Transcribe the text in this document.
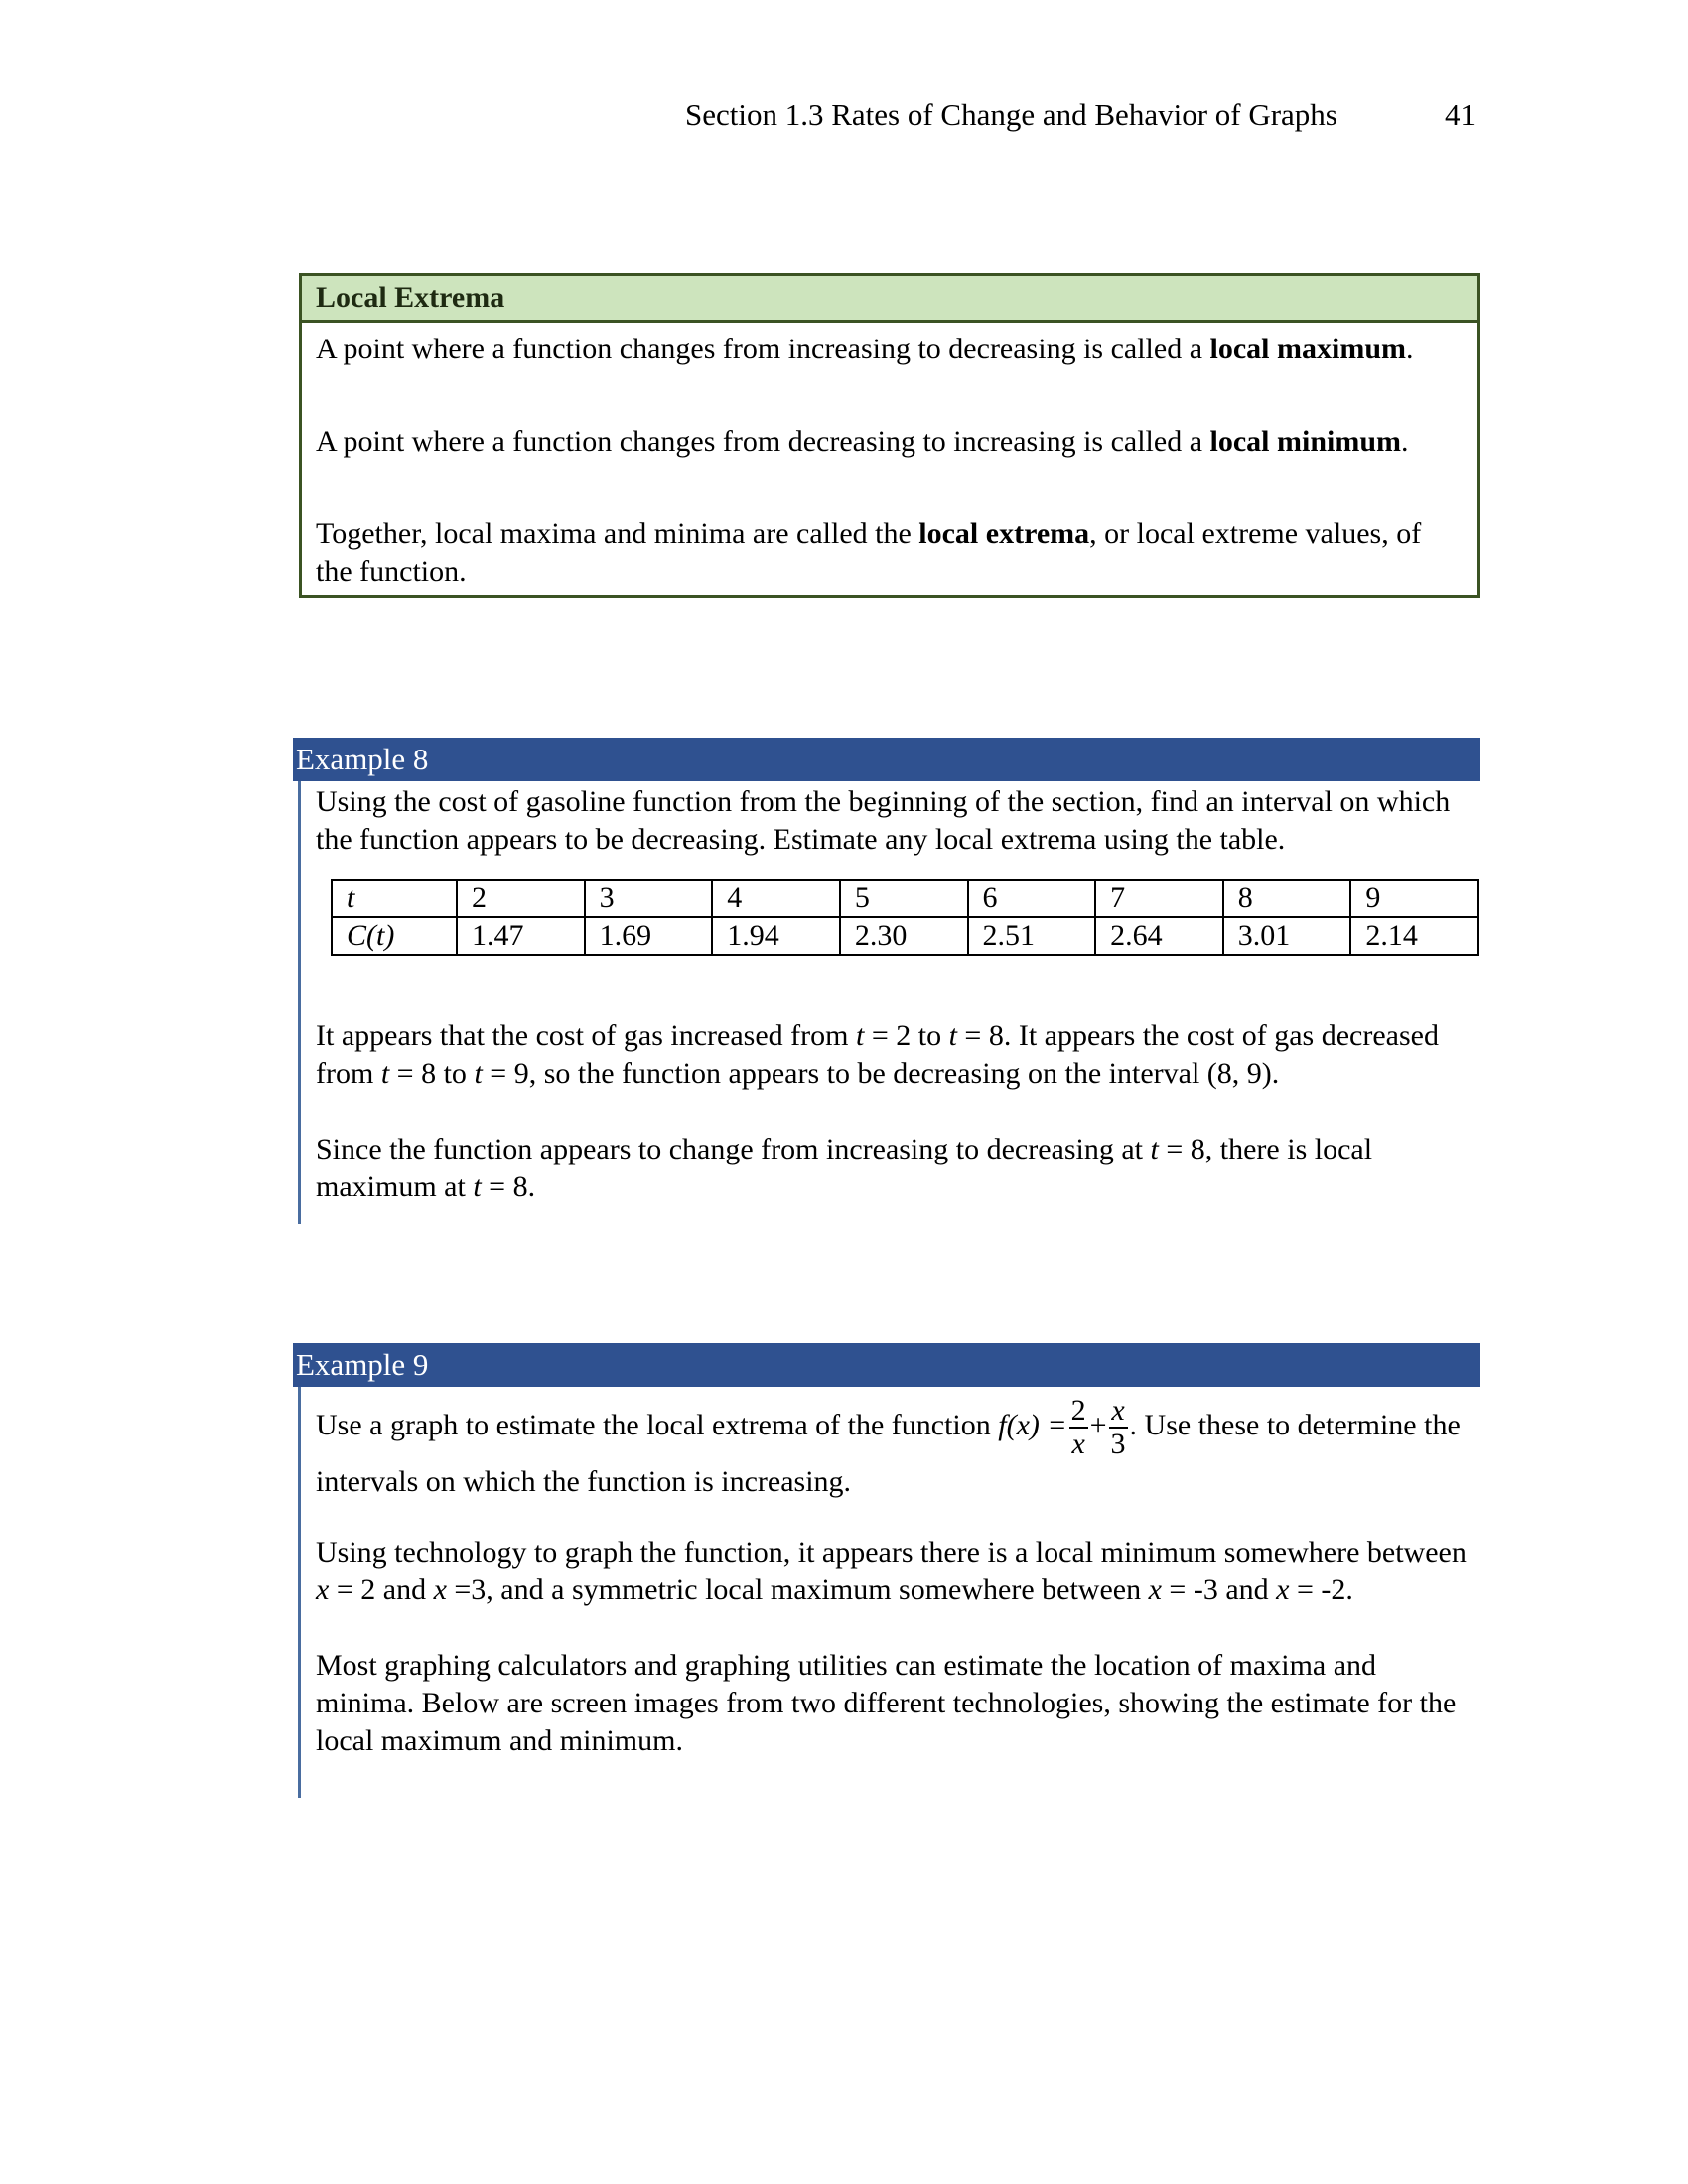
Section 1.3 Rates of Change and Behavior of Graphs	41
Local Extrema

A point where a function changes from increasing to decreasing is called a local maximum.

A point where a function changes from decreasing to increasing is called a local minimum.

Together, local maxima and minima are called the local extrema, or local extreme values, of the function.

Example 8

Using the cost of gasoline function from the beginning of the section, find an interval on which the function appears to be decreasing. Estimate any local extrema using the table.

t	2	3	4	5	6	7	8	9
C(t)	1.47	1.69	1.94	2.30	2.51	2.64	3.01	2.14

It appears that the cost of gas increased from t = 2 to t = 8. It appears the cost of gas decreased from t = 8 to t = 9, so the function appears to be decreasing on the interval (8, 9).

Since the function appears to change from increasing to decreasing at t = 8, there is local maximum at t = 8.

Example 9

Use a graph to estimate the local extrema of the function $f(x) = \frac{2}{x} + \frac{x}{3}$ . Use these to determine the intervals on which the function is increasing.

Using technology to graph the function, it appears there is a local minimum somewhere between x = 2 and x =3, and a symmetric local maximum somewhere between x = -3 and x = -2.

Most graphing calculators and graphing utilities can estimate the location of maxima and minima. Below are screen images from two different technologies, showing the estimate for the local maximum and minimum.
